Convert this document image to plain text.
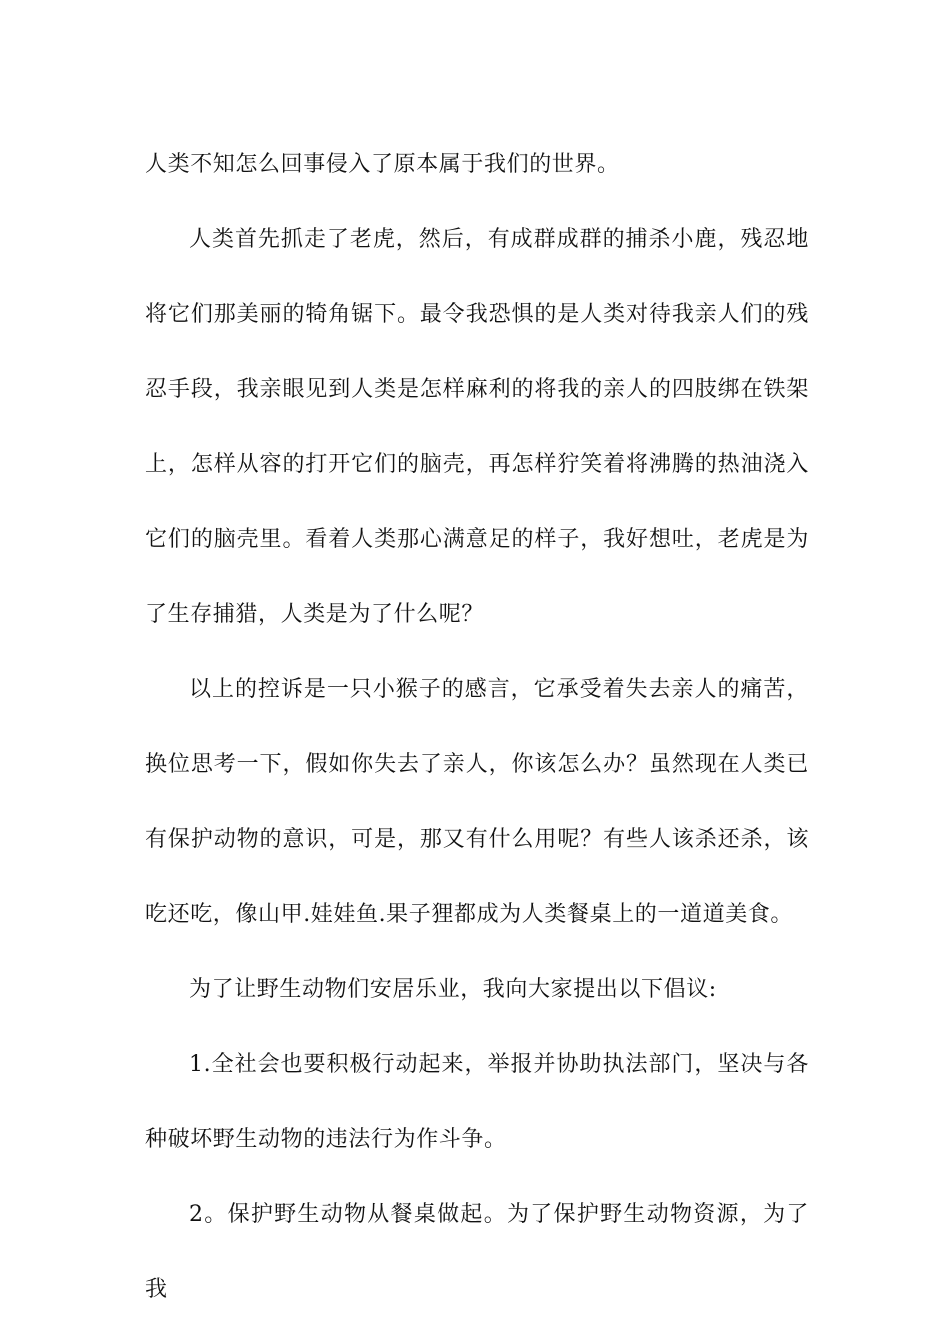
人类不知怎么回事侵入了原本属于我们的世界。

人类首先抓走了老虎，然后，有成群成群的捕杀小鹿，残忍地将它们那美丽的犄角锯下。最令我恐惧的是人类对待我亲人们的残忍手段，我亲眼见到人类是怎样麻利的将我的亲人的四肢绑在铁架上，怎样从容的打开它们的脑壳，再怎样狞笑着将沸腾的热油浇入它们的脑壳里。看着人类那心满意足的样子，我好想吐，老虎是为了生存捕猎，人类是为了什么呢？

以上的控诉是一只小猴子的感言，它承受着失去亲人的痛苦，换位思考一下，假如你失去了亲人，你该怎么办？虽然现在人类已有保护动物的意识，可是，那又有什么用呢？有些人该杀还杀，该吃还吃，像山甲.娃娃鱼.果子狸都成为人类餐桌上的一道道美食。

为了让野生动物们安居乐业，我向大家提出以下倡议:

1.全社会也要积极行动起来，举报并协助执法部门，坚决与各种破坏野生动物的违法行为作斗争。

2。保护野生动物从餐桌做起。为了保护野生动物资源，为了我
